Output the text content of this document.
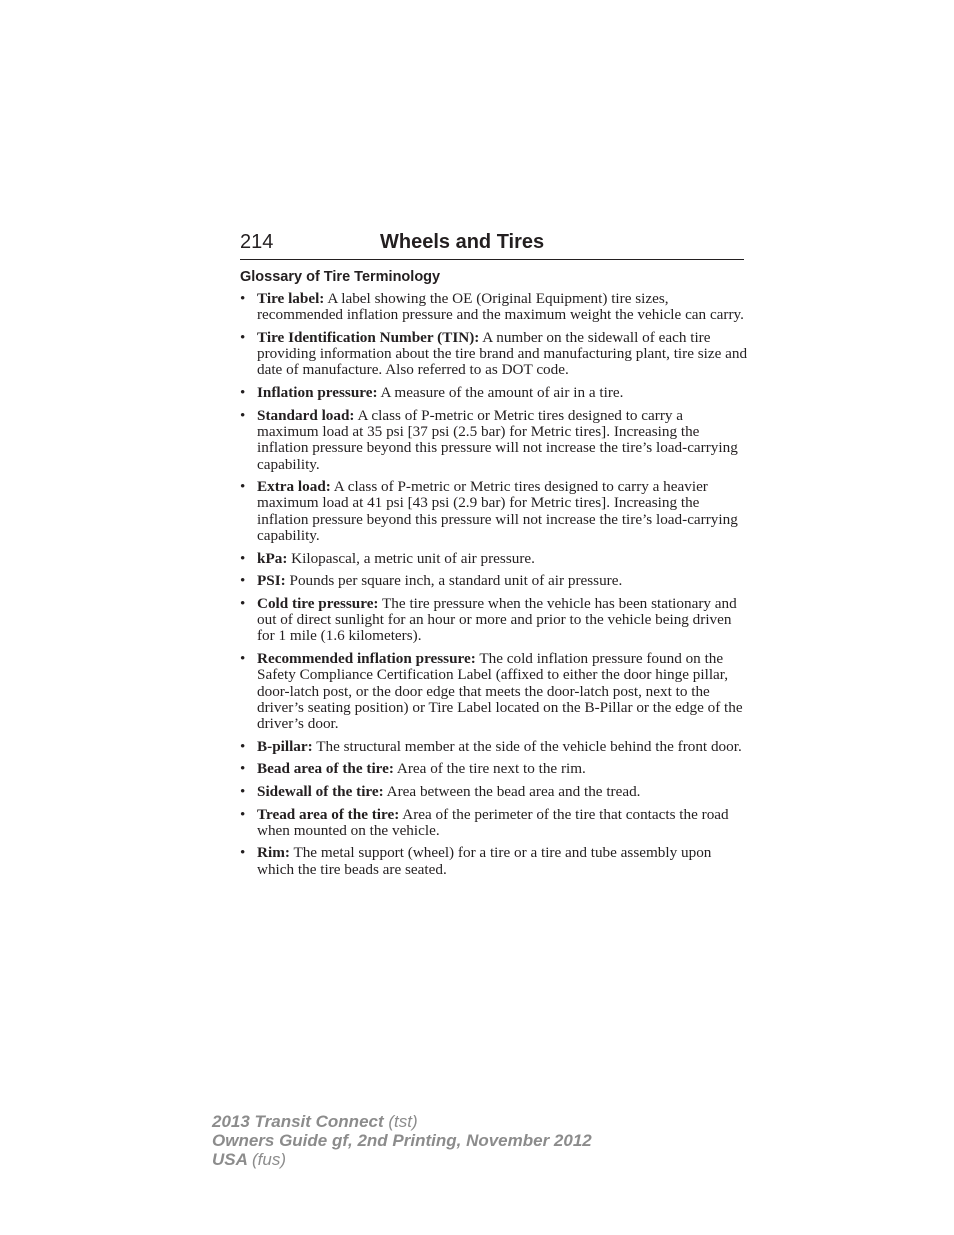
214	Wheels and Tires
Glossary of Tire Terminology
• Tire label: A label showing the OE (Original Equipment) tire sizes, recommended inflation pressure and the maximum weight the vehicle can carry.
• Tire Identification Number (TIN): A number on the sidewall of each tire providing information about the tire brand and manufacturing plant, tire size and date of manufacture. Also referred to as DOT code.
• Inflation pressure: A measure of the amount of air in a tire.
• Standard load: A class of P-metric or Metric tires designed to carry a maximum load at 35 psi [37 psi (2.5 bar) for Metric tires]. Increasing the inflation pressure beyond this pressure will not increase the tire’s load-carrying capability.
• Extra load: A class of P-metric or Metric tires designed to carry a heavier maximum load at 41 psi [43 psi (2.9 bar) for Metric tires]. Increasing the inflation pressure beyond this pressure will not increase the tire’s load-carrying capability.
• kPa: Kilopascal, a metric unit of air pressure.
• PSI: Pounds per square inch, a standard unit of air pressure.
• Cold tire pressure: The tire pressure when the vehicle has been stationary and out of direct sunlight for an hour or more and prior to the vehicle being driven for 1 mile (1.6 kilometers).
• Recommended inflation pressure: The cold inflation pressure found on the Safety Compliance Certification Label (affixed to either the door hinge pillar, door-latch post, or the door edge that meets the door-latch post, next to the driver’s seating position) or Tire Label located on the B-Pillar or the edge of the driver’s door.
• B-pillar: The structural member at the side of the vehicle behind the front door.
• Bead area of the tire: Area of the tire next to the rim.
• Sidewall of the tire: Area between the bead area and the tread.
• Tread area of the tire: Area of the perimeter of the tire that contacts the road when mounted on the vehicle.
• Rim: The metal support (wheel) for a tire or a tire and tube assembly upon which the tire beads are seated.
2013 Transit Connect (tst)
Owners Guide gf, 2nd Printing, November 2012
USA (fus)
